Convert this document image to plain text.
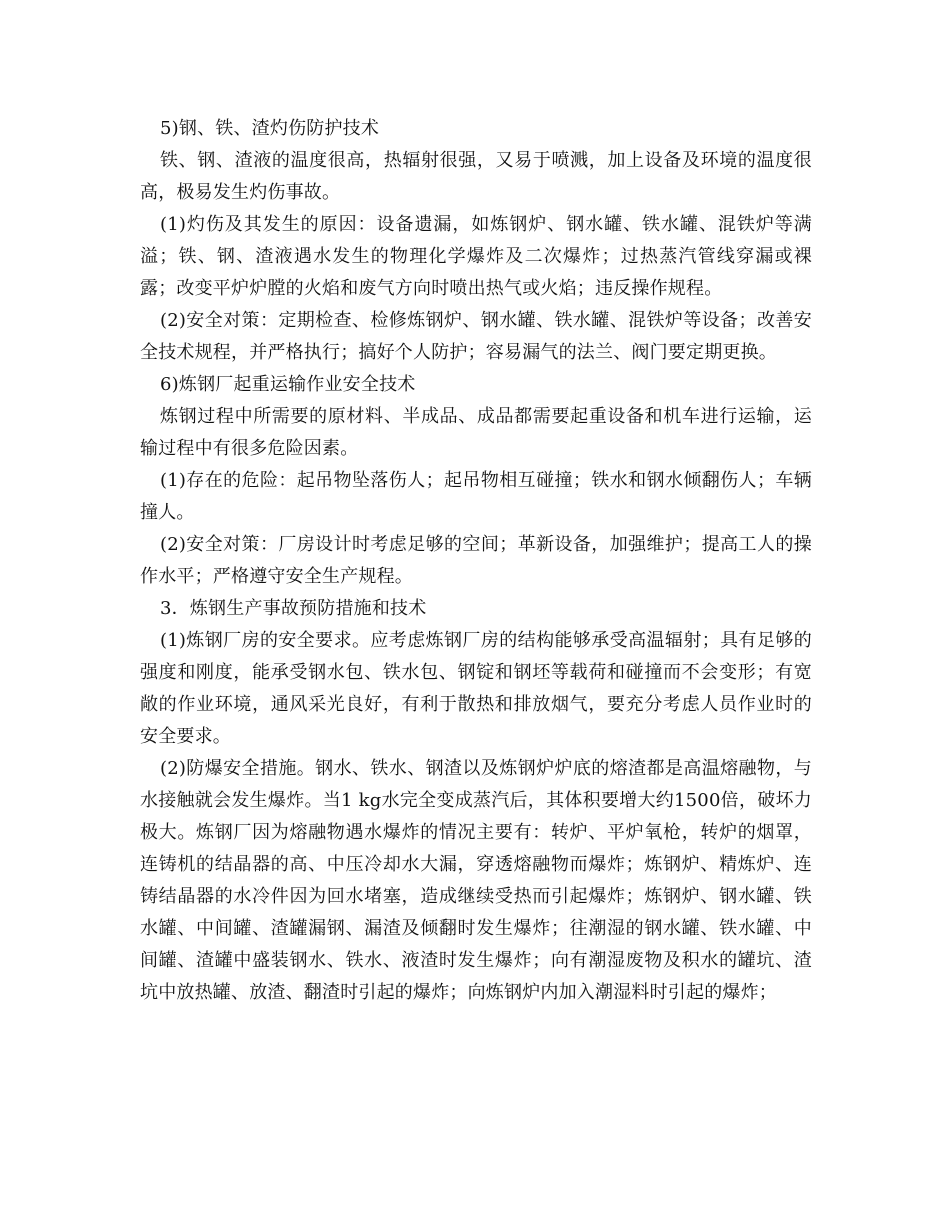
5)钢、铁、渣灼伤防护技术

铁、钢、渣液的温度很高，热辐射很强，又易于喷溅，加上设备及环境的温度很高，极易发生灼伤事故。

(1)灼伤及其发生的原因：设备遗漏，如炼钢炉、钢水罐、铁水罐、混铁炉等满溢；铁、钢、渣液遇水发生的物理化学爆炸及二次爆炸；过热蒸汽管线穿漏或裸露；改变平炉炉膛的火焰和废气方向时喷出热气或火焰；违反操作规程。

(2)安全对策：定期检查、检修炼钢炉、钢水罐、铁水罐、混铁炉等设备；改善安全技术规程，并严格执行；搞好个人防护；容易漏气的法兰、阀门要定期更换。

6)炼钢厂起重运输作业安全技术

炼钢过程中所需要的原材料、半成品、成品都需要起重设备和机车进行运输，运输过程中有很多危险因素。

(1)存在的危险：起吊物坠落伤人；起吊物相互碰撞；铁水和钢水倾翻伤人；车辆撞人。

(2)安全对策：厂房设计时考虑足够的空间；革新设备，加强维护；提高工人的操作水平；严格遵守安全生产规程。

3．炼钢生产事故预防措施和技术

(1)炼钢厂房的安全要求。应考虑炼钢厂房的结构能够承受高温辐射；具有足够的强度和刚度，能承受钢水包、铁水包、钢锭和钢坯等载荷和碰撞而不会变形；有宽敞的作业环境，通风采光良好，有利于散热和排放烟气，要充分考虑人员作业时的安全要求。

(2)防爆安全措施。钢水、铁水、钢渣以及炼钢炉炉底的熔渣都是高温熔融物，与水接触就会发生爆炸。当1 kg水完全变成蒸汽后，其体积要增大约1500倍，破坏力极大。炼钢厂因为熔融物遇水爆炸的情况主要有：转炉、平炉氧枪，转炉的烟罩，连铸机的结晶器的高、中压冷却水大漏，穿透熔融物而爆炸；炼钢炉、精炼炉、连铸结晶器的水冷件因为回水堵塞，造成继续受热而引起爆炸；炼钢炉、钢水罐、铁水罐、中间罐、渣罐漏钢、漏渣及倾翻时发生爆炸；往潮湿的钢水罐、铁水罐、中间罐、渣罐中盛装钢水、铁水、液渣时发生爆炸；向有潮湿废物及积水的罐坑、渣坑中放热罐、放渣、翻渣时引起的爆炸；向炼钢炉内加入潮湿料时引起的爆炸；
